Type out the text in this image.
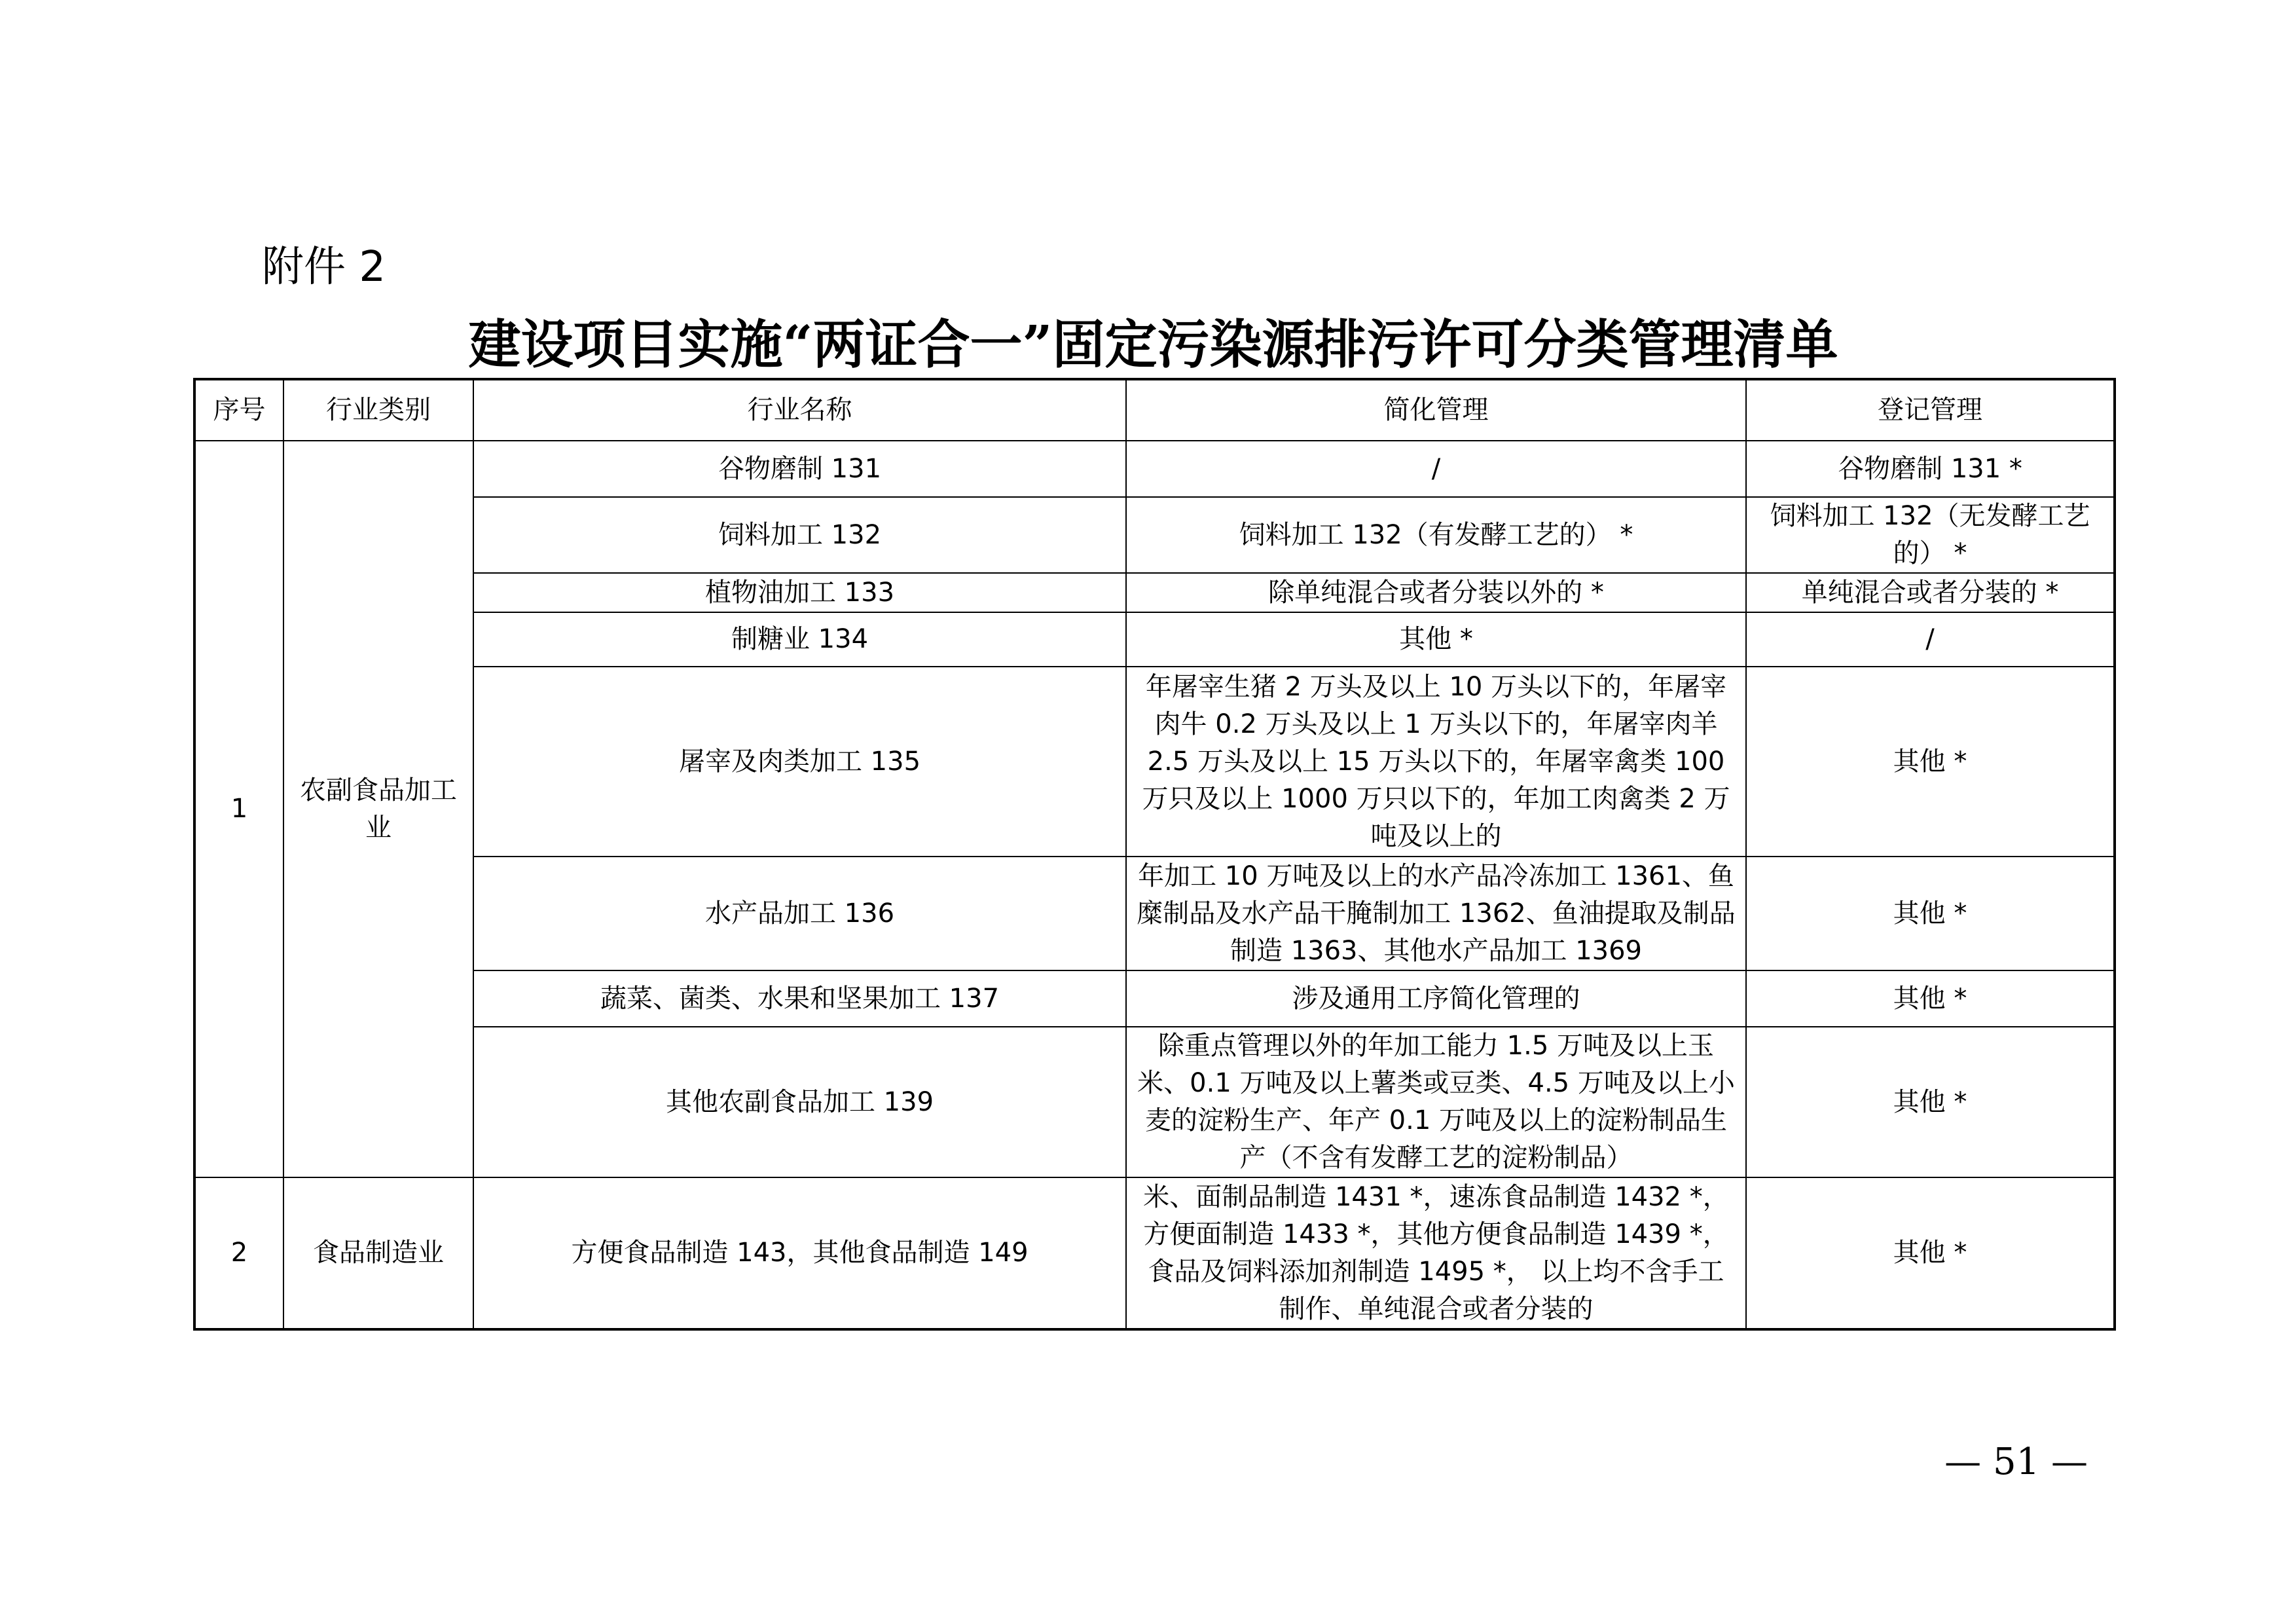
附件 2
建设项目实施“两证合一”固定污染源排污许可分类管理清单
序号	行业类别	行业名称	简化管理	登记管理
1	农副食品加工业	谷物磨制 131	/	谷物磨制 131 *
		饲料加工 132	饲料加工 132（有发酵工艺的） *	饲料加工 132（无发酵工艺的） *
		植物油加工 133	除单纯混合或者分装以外的 *	单纯混合或者分装的 *
		制糖业 134	其他 *	/
		屠宰及肉类加工 135	年屠宰生猪 2 万头及以上 10 万头以下的，年屠宰肉牛 0.2 万头及以上 1 万头以下的，年屠宰肉羊 2.5 万头及以上 15 万头以下的，年屠宰禽类 100 万只及以上 1000 万只以下的，年加工肉禽类 2 万吨及以上的	其他 *
		水产品加工 136	年加工 10 万吨及以上的水产品冷冻加工 1361、鱼糜制品及水产品干腌制加工 1362、鱼油提取及制品制造 1363、其他水产品加工 1369	其他 *
		蔬菜、菌类、水果和坚果加工 137	涉及通用工序简化管理的	其他 *
		其他农副食品加工 139	除重点管理以外的年加工能力 1.5 万吨及以上玉米、0.1 万吨及以上薯类或豆类、4.5 万吨及以上小麦的淀粉生产、年产 0.1 万吨及以上的淀粉制品生产（不含有发酵工艺的淀粉制品）	其他 *
2	食品制造业	方便食品制造 143，其他食品制造 149	米、面制品制造 1431 *，速冻食品制造 1432 *，方便面制造 1433 *，其他方便食品制造 1439 *，食品及饲料添加剂制造 1495 *， 以上均不含手工制作、单纯混合或者分装的	其他 *
— 51 —
